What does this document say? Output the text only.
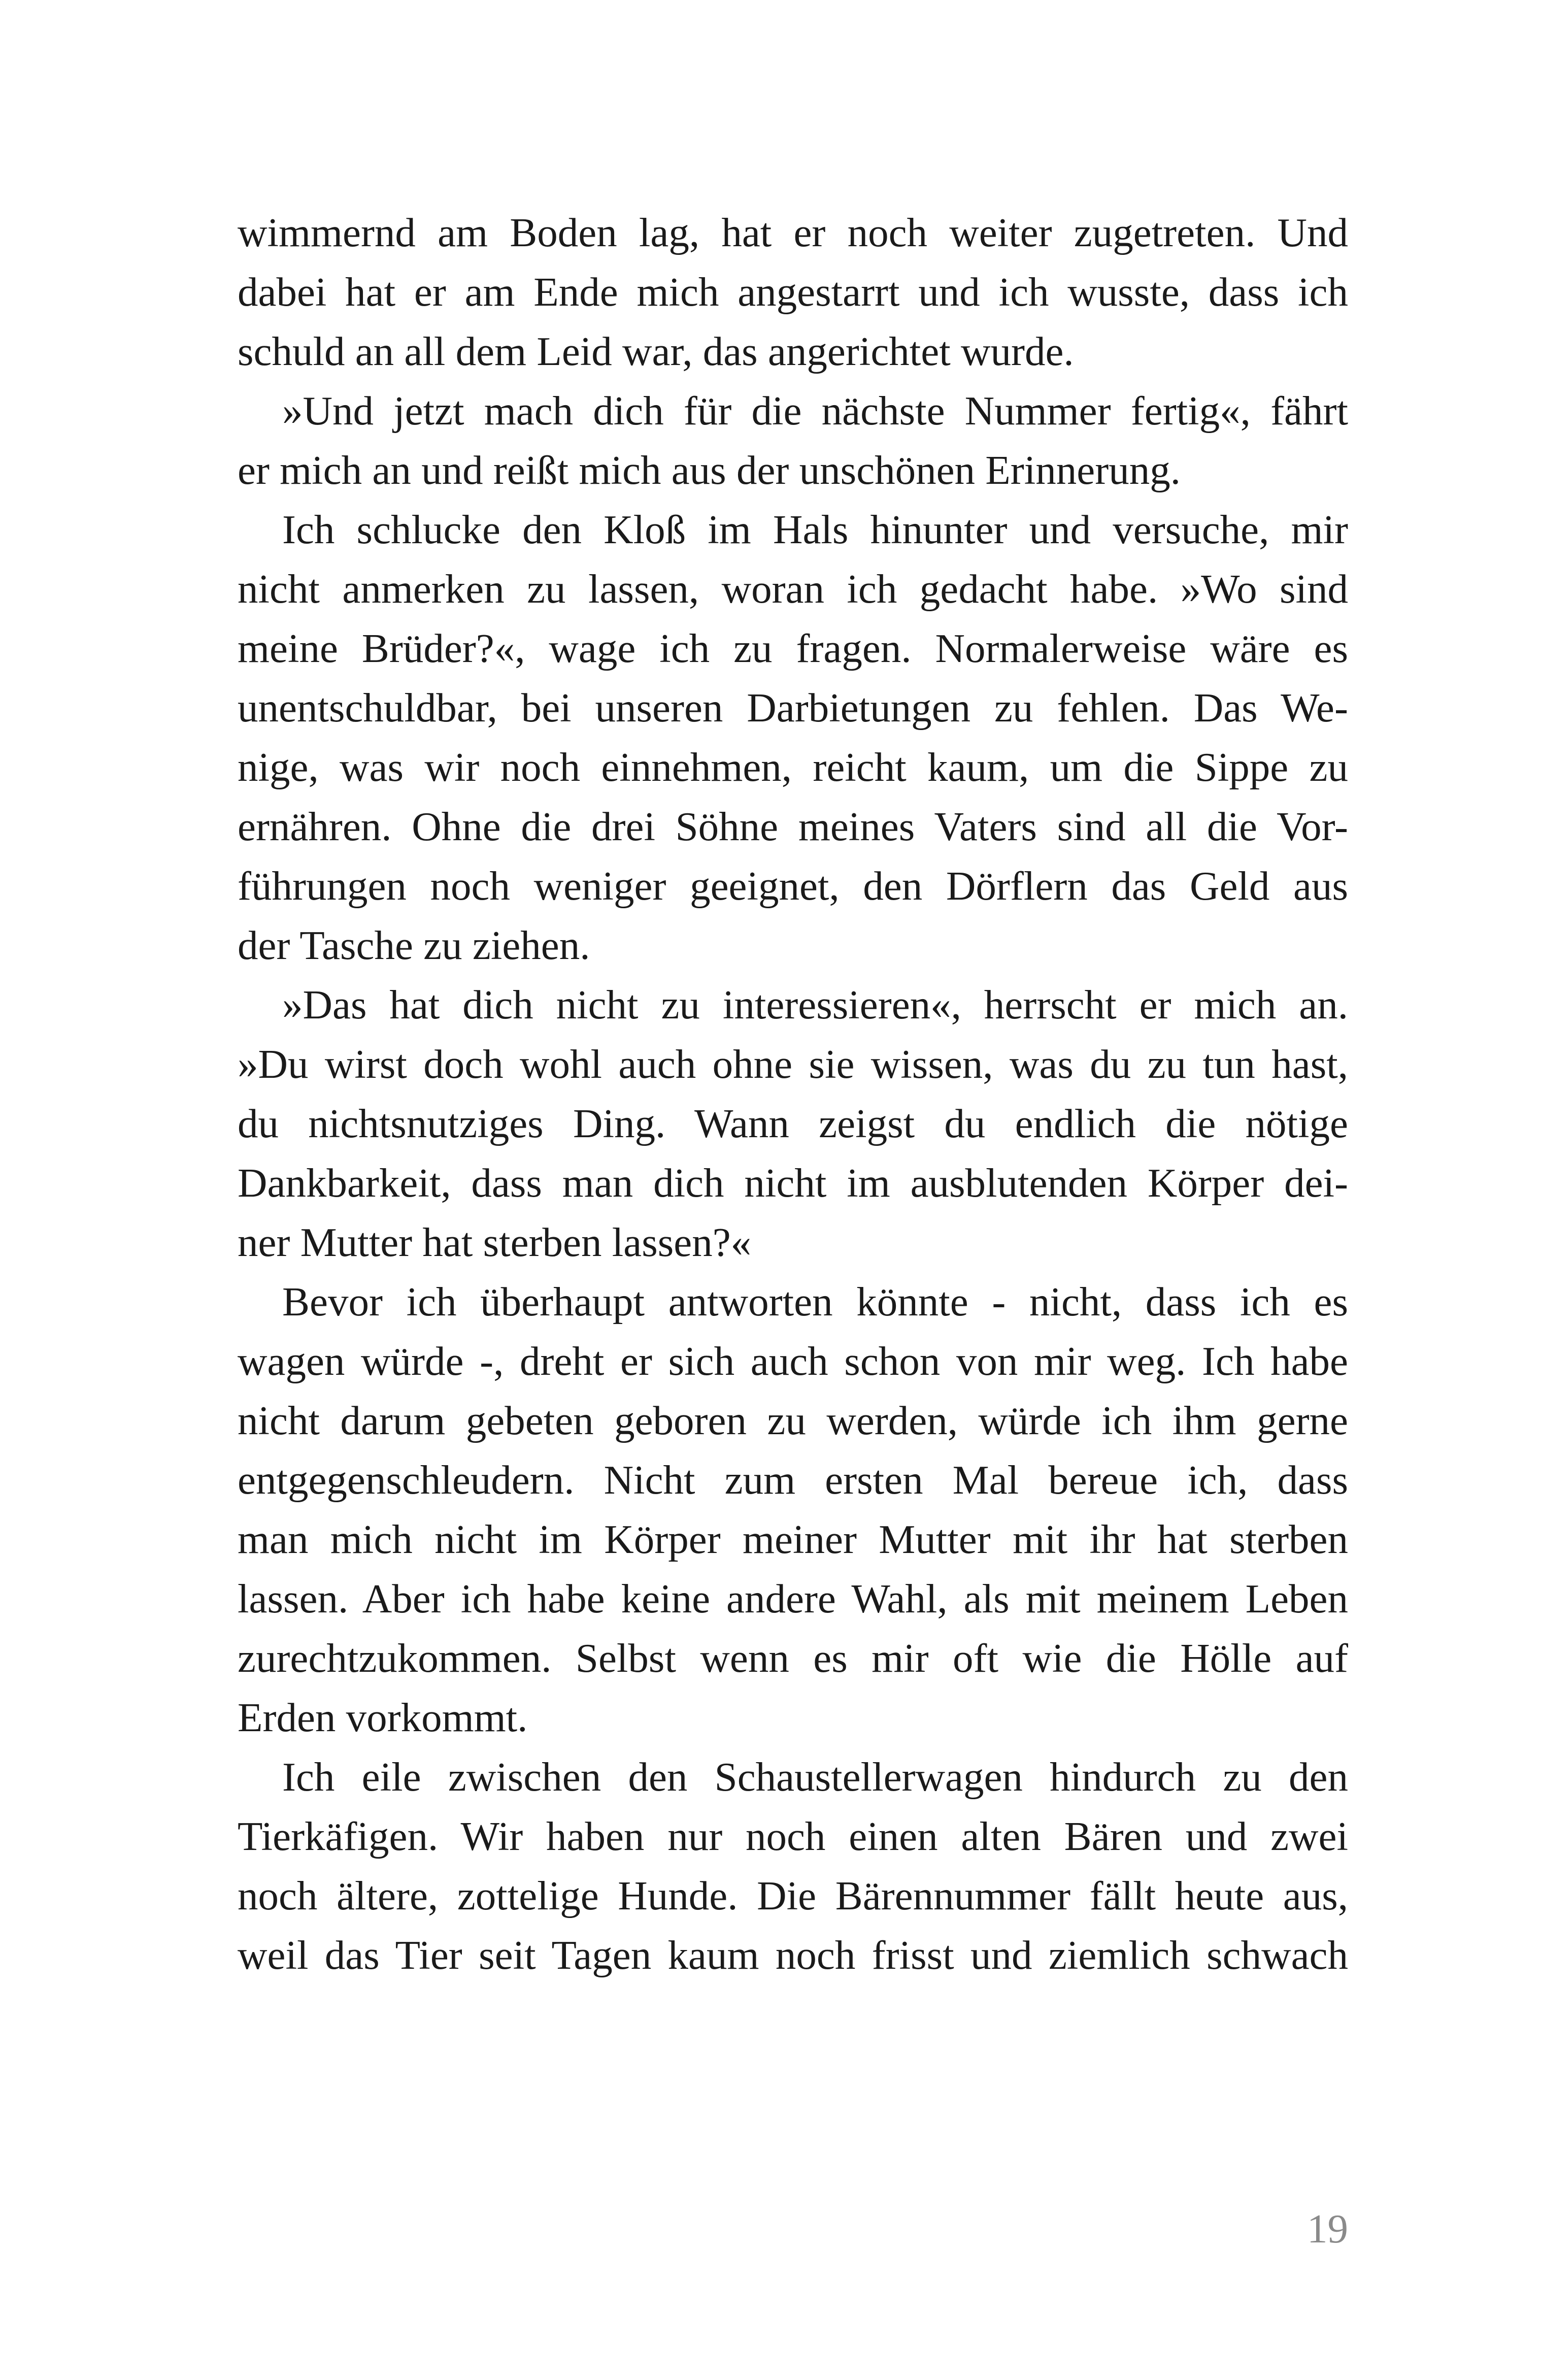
wimmernd am Boden lag, hat er noch weiter zugetreten. Und
dabei hat er am Ende mich angestarrt und ich wusste, dass ich
schuld an all dem Leid war, das angerichtet wurde.
»Und jetzt mach dich für die nächste Nummer fertig«, fährt
er mich an und reißt mich aus der unschönen Erinnerung.
Ich schlucke den Kloß im Hals hinunter und versuche, mir
nicht anmerken zu lassen, woran ich gedacht habe. »Wo sind
meine Brüder?«, wage ich zu fragen. Normalerweise wäre es
unentschuldbar, bei unseren Darbietungen zu fehlen. Das We-
nige, was wir noch einnehmen, reicht kaum, um die Sippe zu
ernähren. Ohne die drei Söhne meines Vaters sind all die Vor-
führungen noch weniger geeignet, den Dörflern das Geld aus
der Tasche zu ziehen.
»Das hat dich nicht zu interessieren«, herrscht er mich an.
»Du wirst doch wohl auch ohne sie wissen, was du zu tun hast,
du nichtsnutziges Ding. Wann zeigst du endlich die nötige
Dankbarkeit, dass man dich nicht im ausblutenden Körper dei-
ner Mutter hat sterben lassen?«
Bevor ich überhaupt antworten könnte - nicht, dass ich es
wagen würde -, dreht er sich auch schon von mir weg. Ich habe
nicht darum gebeten geboren zu werden, würde ich ihm gerne
entgegenschleudern. Nicht zum ersten Mal bereue ich, dass
man mich nicht im Körper meiner Mutter mit ihr hat sterben
lassen. Aber ich habe keine andere Wahl, als mit meinem Leben
zurechtzukommen. Selbst wenn es mir oft wie die Hölle auf
Erden vorkommt.
Ich eile zwischen den Schaustellerwagen hindurch zu den
Tierkäfigen. Wir haben nur noch einen alten Bären und zwei
noch ältere, zottelige Hunde. Die Bärennummer fällt heute aus,
weil das Tier seit Tagen kaum noch frisst und ziemlich schwach
19
